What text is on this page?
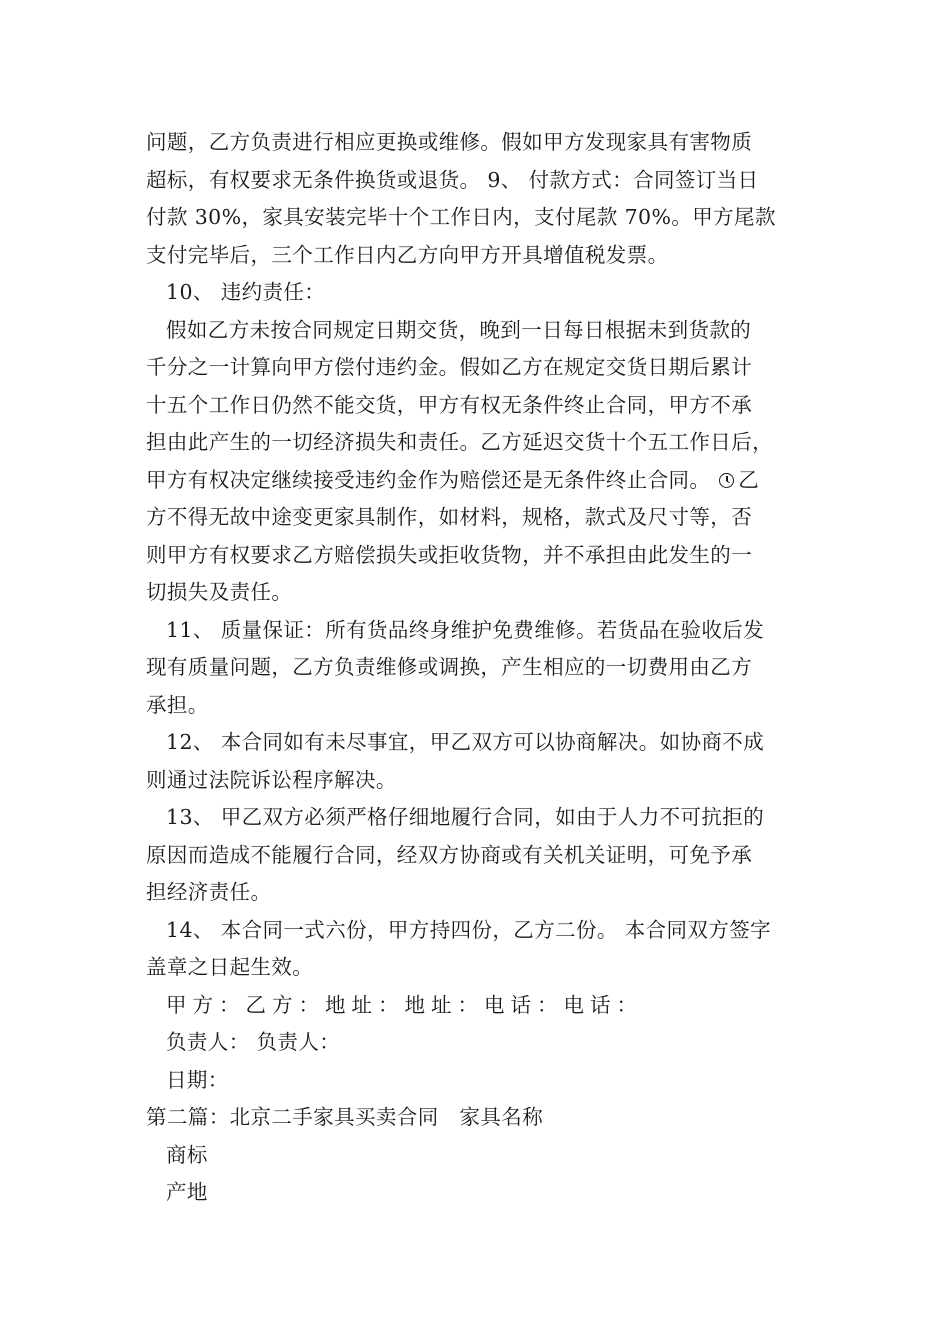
问题，乙方负责进行相应更换或维修。假如甲方发现家具有害物质
超标，有权要求无条件换货或退货。 9、 付款方式：合同签订当日
付款 30%，家具安装完毕十个工作日内，支付尾款 70%。甲方尾款
支付完毕后，三个工作日内乙方向甲方开具增值税发票。

10、 违约责任：

假如乙方未按合同规定日期交货，晚到一日每日根据未到货款的

千分之一计算向甲方偿付违约金。假如乙方在规定交货日期后累计
十五个工作日仍然不能交货，甲方有权无条件终止合同，甲方不承
担由此产生的一切经济损失和责任。乙方延迟交货十个五工作日后，
甲方有权决定继续接受违约金作为赔偿还是无条件终止合同。 乙
方不得无故中途变更家具制作，如材料，规格，款式及尺寸等，否
则甲方有权要求乙方赔偿损失或拒收货物，并不承担由此发生的一
切损失及责任。

11、 质量保证：所有货品终身维护免费维修。若货品在验收后发

现有质量问题，乙方负责维修或调换，产生相应的一切费用由乙方
承担。

12、 本合同如有未尽事宜，甲乙双方可以协商解决。如协商不成

则通过法院诉讼程序解决。

13、 甲乙双方必须严格仔细地履行合同，如由于人力不可抗拒的

原因而造成不能履行合同，经双方协商或有关机关证明，可免予承
担经济责任。

14、 本合同一式六份，甲方持四份，乙方二份。 本合同双方签字

盖章之日起生效。

甲方：乙方：地址：地址：电话：电话：

负责人： 负责人：

日期：

第二篇：北京二手家具买卖合同　家具名称

商标

产地
